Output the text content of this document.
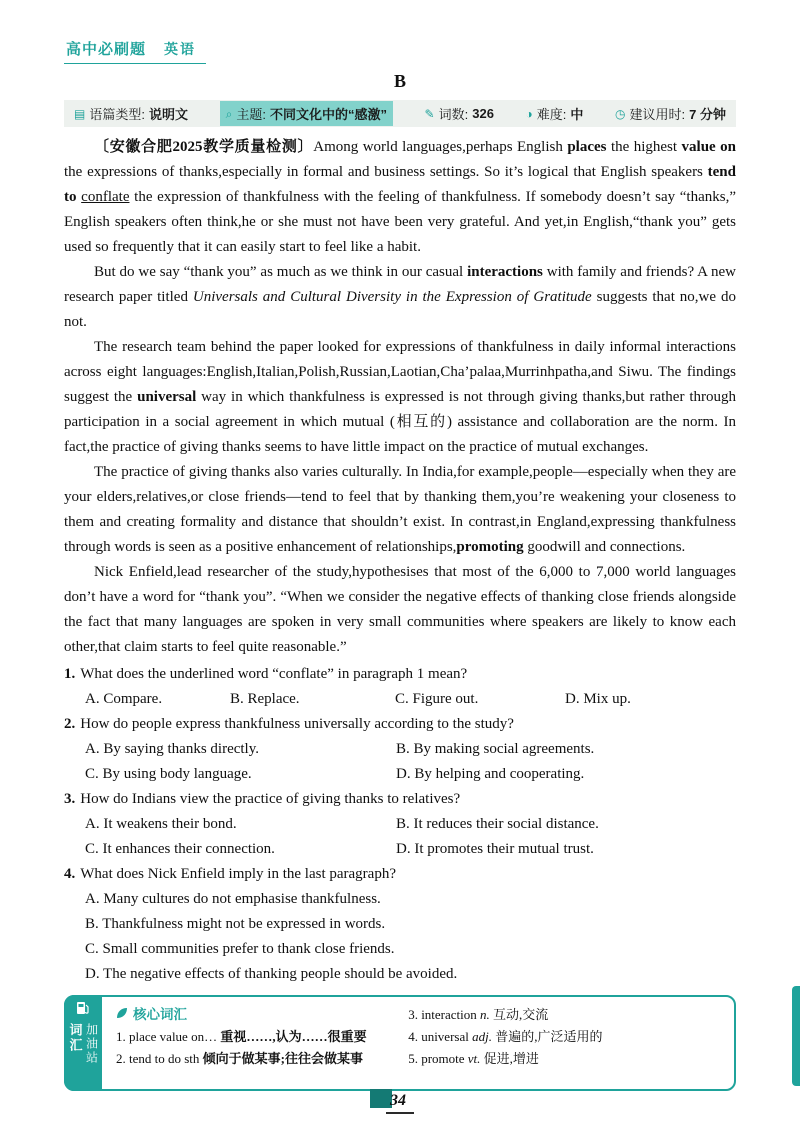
高中必刷题 英语
B
▤ 语篇类型: 说明文	⌕ 主题: 不同文化中的“感激”	✎ 词数: 326	◑ 难度: 中	◷ 建议用时: 7 分钟

〔安徽合肥2025教学质量检测〕Among world languages,perhaps English places the highest value on the expressions of thanks,especially in formal and business settings. So it’s logical that English speakers tend to conflate the expression of thankfulness with the feeling of thankfulness. If somebody doesn’t say “thanks,” English speakers often think,he or she must not have been very grateful. And yet,in English,“thank you” gets used so frequently that it can easily start to feel like a habit.

But do we say “thank you” as much as we think in our casual interactions with family and friends? A new research paper titled Universals and Cultural Diversity in the Expression of Gratitude suggests that no,we do not.

The research team behind the paper looked for expressions of thankfulness in daily informal interactions across eight languages:English,Italian,Polish,Russian,Laotian,Cha’palaa,Murrinhpatha,and Siwu. The findings suggest the universal way in which thankfulness is expressed is not through giving thanks,but rather through participation in a social agreement in which mutual (相互的) assistance and collaboration are the norm. In fact,the practice of giving thanks seems to have little impact on the practice of mutual exchanges.

The practice of giving thanks also varies culturally. In India,for example,people—especially when they are your elders,relatives,or close friends—tend to feel that by thanking them,you’re weakening your closeness to them and creating formality and distance that shouldn’t exist. In contrast,in England,expressing thankfulness through words is seen as a positive enhancement of relationships,promoting goodwill and connections.

Nick Enfield,lead researcher of the study,hypothesises that most of the 6,000 to 7,000 world languages don’t have a word for “thank you”. “When we consider the negative effects of thanking close friends alongside the fact that many languages are spoken in very small communities where speakers are likely to know each other,that claim starts to feel quite reasonable.”

1. What does the underlined word “conflate” in paragraph 1 mean?
A. Compare.	B. Replace.	C. Figure out.	D. Mix up.
2. How do people express thankfulness universally according to the study?
A. By saying thanks directly.	B. By making social agreements.
C. By using body language.	D. By helping and cooperating.
3. How do Indians view the practice of giving thanks to relatives?
A. It weakens their bond.	B. It reduces their social distance.
C. It enhances their connection.	D. It promotes their mutual trust.
4. What does Nick Enfield imply in the last paragraph?
A. Many cultures do not emphasise thankfulness.
B. Thankfulness might not be expressed in words.
C. Small communities prefer to thank close friends.
D. The negative effects of thanking people should be avoided.
词汇 加油站
核心词汇
1. place value on… 重视……,认为……很重要
2. tend to do sth 倾向于做某事;往往会做某事
3. interaction n. 互动,交流
4. universal adj. 普遍的,广泛适用的
5. promote vt. 促进,增进
34
